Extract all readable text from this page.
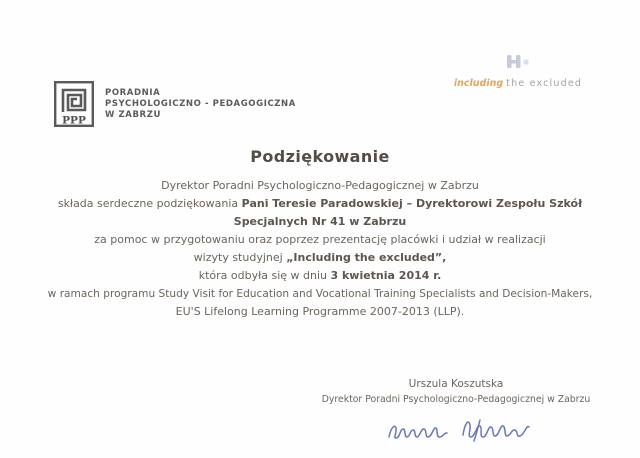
PPP
PORADNIA
PSYCHOLOGICZNO - PEDAGOGICZNA
W ZABRZU
including the excluded
Podziękowanie
Dyrektor Poradni Psychologiczno-Pedagogicznej w Zabrzu
składa serdeczne podziękowania Pani Teresie Paradowskiej – Dyrektorowi Zespołu Szkół
Specjalnych Nr 41 w Zabrzu
za pomoc w przygotowaniu oraz poprzez prezentację placówki i udział w realizacji
wizyty studyjnej „Including the excluded”,
która odbyła się w dniu 3 kwietnia 2014 r.
w ramach programu Study Visit for Education and Vocational Training Specialists and Decision-Makers,
EU'S Lifelong Learning Programme 2007-2013 (LLP).
Urszula Koszutska
Dyrektor Poradni Psychologiczno-Pedagogicznej w Zabrzu
